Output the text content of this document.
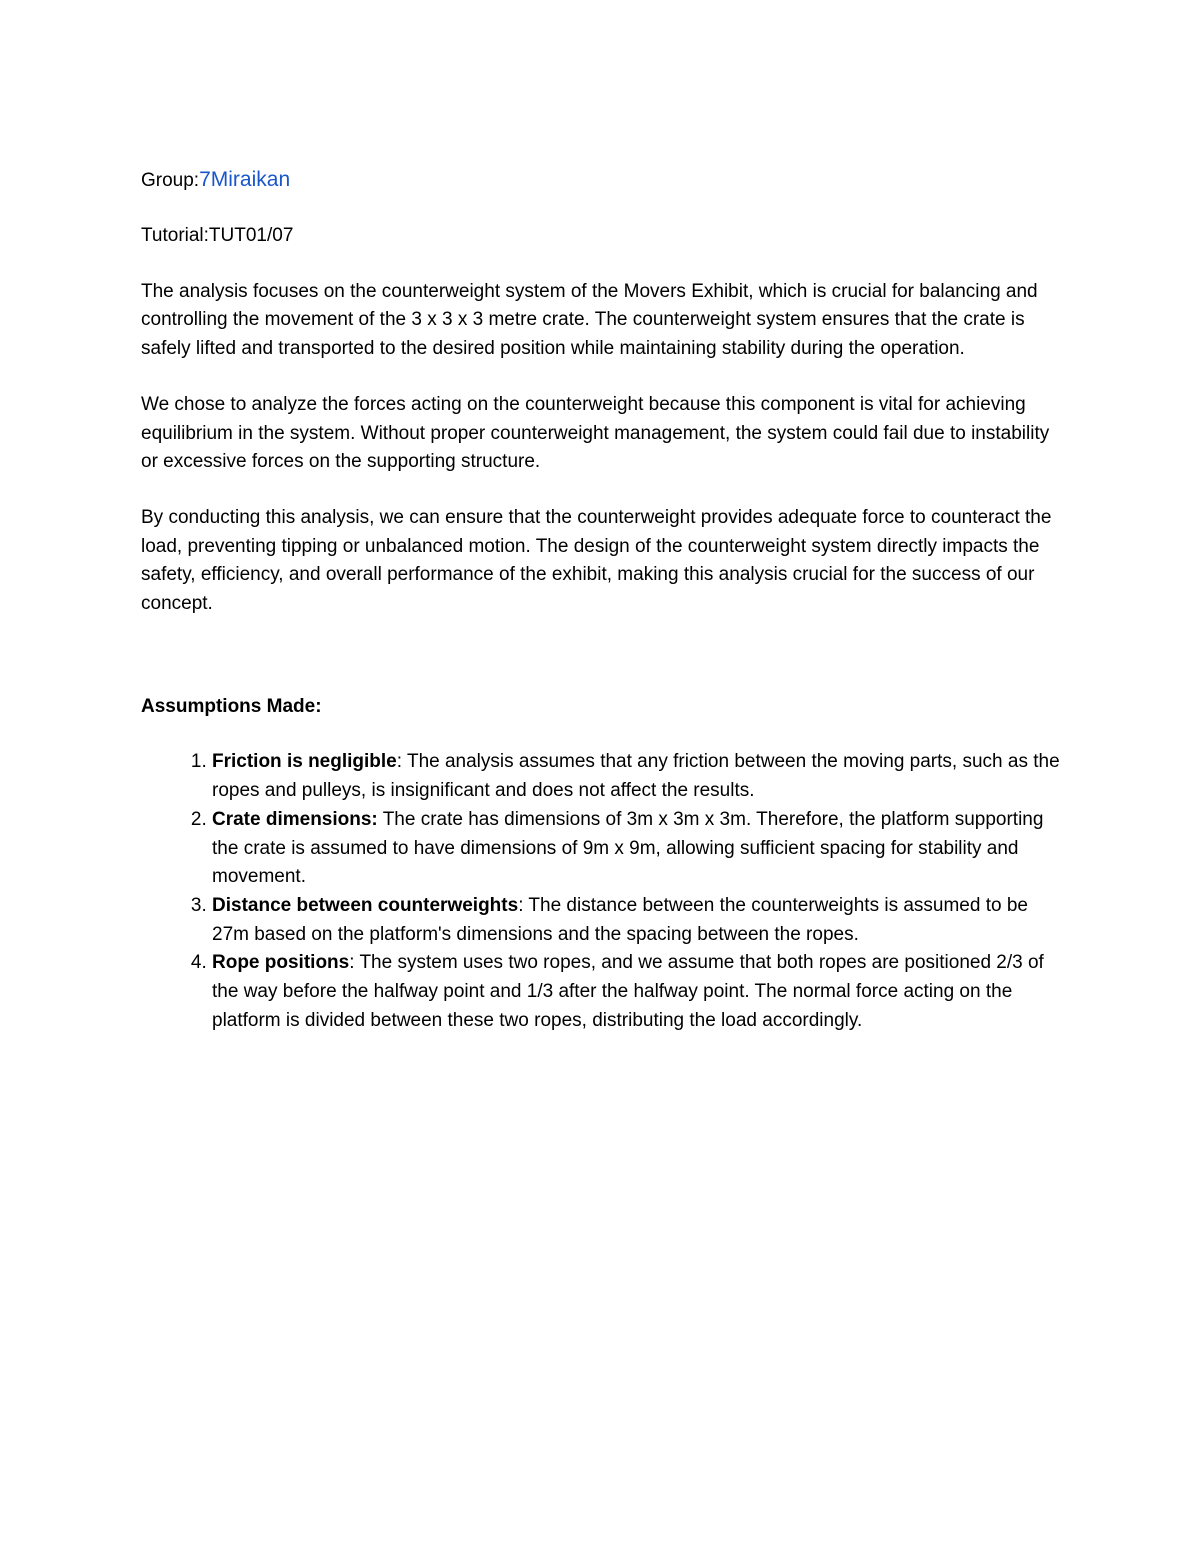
Group:7Miraikan

Tutorial:TUT01/07

The analysis focuses on the counterweight system of the Movers Exhibit, which is crucial for balancing and controlling the movement of the 3 x 3 x 3 metre crate. The counterweight system ensures that the crate is safely lifted and transported to the desired position while maintaining stability during the operation.

We chose to analyze the forces acting on the counterweight because this component is vital for achieving equilibrium in the system. Without proper counterweight management, the system could fail due to instability or excessive forces on the supporting structure.

By conducting this analysis, we can ensure that the counterweight provides adequate force to counteract the load, preventing tipping or unbalanced motion. The design of the counterweight system directly impacts the safety, efficiency, and overall performance of the exhibit, making this analysis crucial for the success of our concept.

Assumptions Made:

1. Friction is negligible: The analysis assumes that any friction between the moving parts, such as the ropes and pulleys, is insignificant and does not affect the results.
2. Crate dimensions: The crate has dimensions of 3m x 3m x 3m. Therefore, the platform supporting the crate is assumed to have dimensions of 9m x 9m, allowing sufficient spacing for stability and movement.
3. Distance between counterweights: The distance between the counterweights is assumed to be 27m based on the platform's dimensions and the spacing between the ropes.
4. Rope positions: The system uses two ropes, and we assume that both ropes are positioned 2/3 of the way before the halfway point and 1/3 after the halfway point. The normal force acting on the platform is divided between these two ropes, distributing the load accordingly.
